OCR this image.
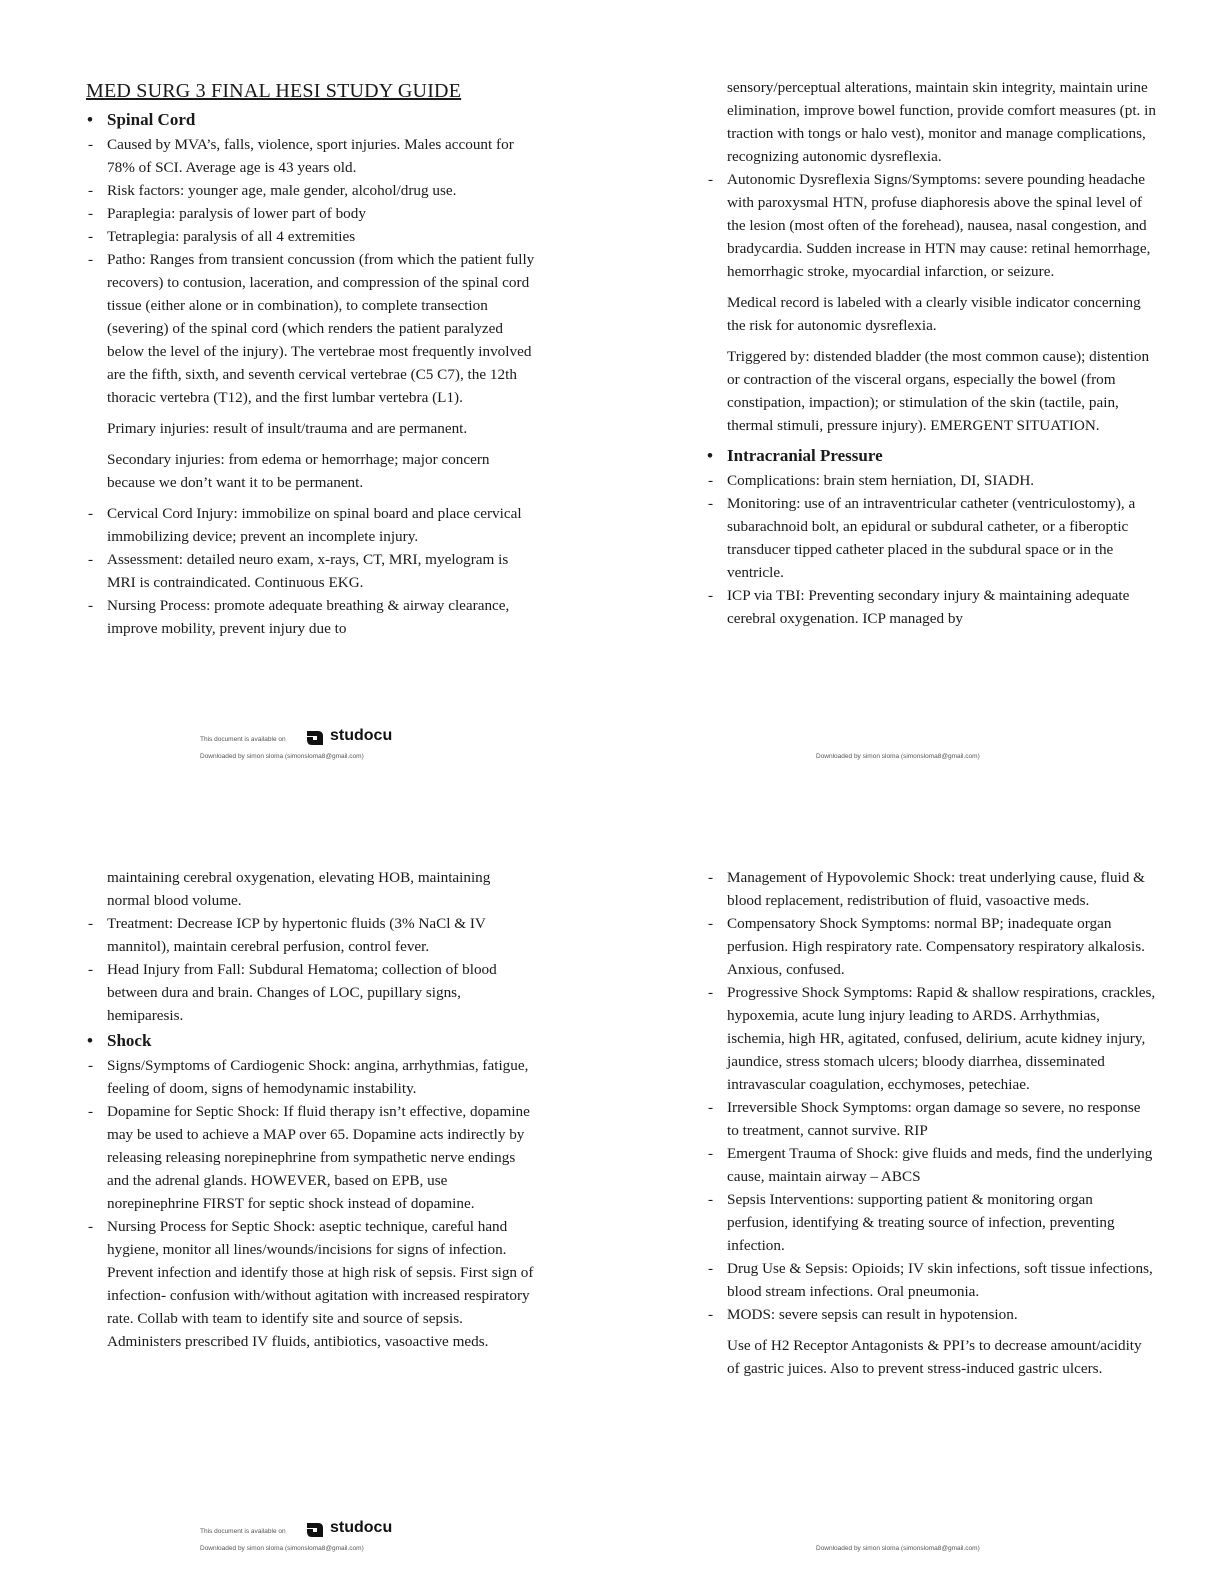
MED SURG 3 FINAL HESI STUDY GUIDE
• Spinal Cord
- Caused by MVA’s, falls, violence, sport injuries. Males account for 78% of SCI. Average age is 43 years old.
- Risk factors: younger age, male gender, alcohol/drug use.
- Paraplegia: paralysis of lower part of body
- Tetraplegia: paralysis of all 4 extremities
- Patho: Ranges from transient concussion (from which the patient fully recovers) to contusion, laceration, and compression of the spinal cord tissue (either alone or in combination), to complete transection (severing) of the spinal cord (which renders the patient paralyzed below the level of the injury). The vertebrae most frequently involved are the fifth, sixth, and seventh cervical vertebrae (C5 C7), the 12th thoracic vertebra (T12), and the first lumbar vertebra (L1).

Primary injuries: result of insult/trauma and are permanent.

Secondary injuries: from edema or hemorrhage; major concern because we don’t want it to be permanent.

- Cervical Cord Injury: immobilize on spinal board and place cervical immobilizing device; prevent an incomplete injury.
- Assessment: detailed neuro exam, x-rays, CT, MRI, myelogram is MRI is contraindicated. Continuous EKG.
- Nursing Process: promote adequate breathing & airway clearance, improve mobility, prevent injury due to
This document is available on	studocu
Downloaded by simon sloma (simonsloma8@gmail.com)

sensory/perceptual alterations, maintain skin integrity, maintain urine elimination, improve bowel function, provide comfort measures (pt. in traction with tongs or halo vest), monitor and manage complications, recognizing autonomic dysreflexia.

- Autonomic Dysreflexia Signs/Symptoms: severe pounding headache with paroxysmal HTN, profuse diaphoresis above the spinal level of the lesion (most often of the forehead), nausea, nasal congestion, and bradycardia. Sudden increase in HTN may cause: retinal hemorrhage, hemorrhagic stroke, myocardial infarction, or seizure.

Medical record is labeled with a clearly visible indicator concerning the risk for autonomic dysreflexia.

Triggered by: distended bladder (the most common cause); distention or contraction of the visceral organs, especially the bowel (from constipation, impaction); or stimulation of the skin (tactile, pain, thermal stimuli, pressure injury). EMERGENT SITUATION.

• Intracranial Pressure
- Complications: brain stem herniation, DI, SIADH.
- Monitoring: use of an intraventricular catheter (ventriculostomy), a subarachnoid bolt, an epidural or subdural catheter, or a fiberoptic transducer tipped catheter placed in the subdural space or in the ventricle.
- ICP via TBI: Preventing secondary injury & maintaining adequate cerebral oxygenation. ICP managed by
Downloaded by simon sloma (simonsloma8@gmail.com)

maintaining cerebral oxygenation, elevating HOB, maintaining normal blood volume.

- Treatment: Decrease ICP by hypertonic fluids (3% NaCl & IV mannitol), maintain cerebral perfusion, control fever.
- Head Injury from Fall: Subdural Hematoma; collection of blood between dura and brain. Changes of LOC, pupillary signs, hemiparesis.
• Shock
- Signs/Symptoms of Cardiogenic Shock: angina, arrhythmias, fatigue, feeling of doom, signs of hemodynamic instability.
- Dopamine for Septic Shock: If fluid therapy isn’t effective, dopamine may be used to achieve a MAP over 65. Dopamine acts indirectly by releasing releasing norepinephrine from sympathetic nerve endings and the adrenal glands. HOWEVER, based on EPB, use norepinephrine FIRST for septic shock instead of dopamine.
- Nursing Process for Septic Shock: aseptic technique, careful hand hygiene, monitor all lines/wounds/incisions for signs of infection. Prevent infection and identify those at high risk of sepsis. First sign of infection- confusion with/without agitation with increased respiratory rate. Collab with team to identify site and source of sepsis. Administers prescribed IV fluids, antibiotics, vasoactive meds.
This document is available on	studocu
Downloaded by simon sloma (simonsloma8@gmail.com)
- Management of Hypovolemic Shock: treat underlying cause, fluid & blood replacement, redistribution of fluid, vasoactive meds.
- Compensatory Shock Symptoms: normal BP; inadequate organ perfusion. High respiratory rate. Compensatory respiratory alkalosis. Anxious, confused.
- Progressive Shock Symptoms: Rapid & shallow respirations, crackles, hypoxemia, acute lung injury leading to ARDS. Arrhythmias, ischemia, high HR, agitated, confused, delirium, acute kidney injury, jaundice, stress stomach ulcers; bloody diarrhea, disseminated intravascular coagulation, ecchymoses, petechiae.
- Irreversible Shock Symptoms: organ damage so severe, no response to treatment, cannot survive. RIP
- Emergent Trauma of Shock: give fluids and meds, find the underlying cause, maintain airway – ABCS
- Sepsis Interventions: supporting patient & monitoring organ perfusion, identifying & treating source of infection, preventing infection.
- Drug Use & Sepsis: Opioids; IV skin infections, soft tissue infections, blood stream infections. Oral pneumonia.
- MODS: severe sepsis can result in hypotension.

Use of H2 Receptor Antagonists & PPI’s to decrease amount/acidity of gastric juices. Also to prevent stress-induced gastric ulcers.

Downloaded by simon sloma (simonsloma8@gmail.com)
